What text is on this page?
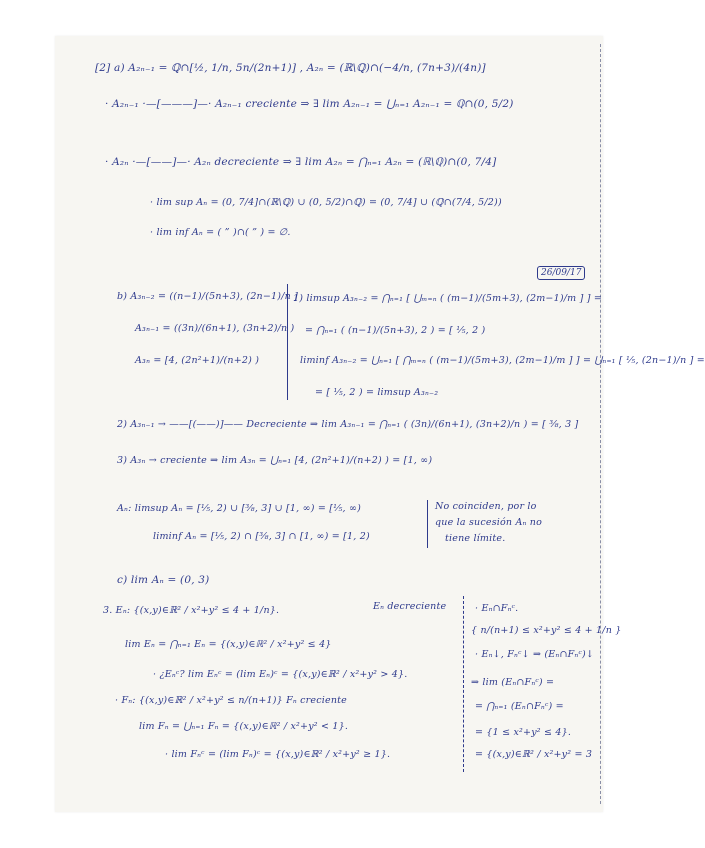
[2] a) A₂ₙ₋₁ = ℚ∩[½, 1/n, 5n/(2n+1)] , A₂ₙ = (ℝ\ℚ)∩(−4/n, (7n+3)/(4n)]
· A₂ₙ₋₁ ·—[———]—· A₂ₙ₋₁ creciente ⇒ ∃ lim A₂ₙ₋₁ = ⋃ₙ₌₁ A₂ₙ₋₁ = ℚ∩(0, 5/2)
· A₂ₙ ·—[——]—· A₂ₙ decreciente ⇒ ∃ lim A₂ₙ = ⋂ₙ₌₁ A₂ₙ = (ℝ\ℚ)∩(0, 7/4]
· lim sup Aₙ = (0, 7/4]∩(ℝ\ℚ) ∪ (0, 5/2)∩ℚ) = (0, 7/4] ∪ (ℚ∩(7/4, 5/2))
· lim inf Aₙ = ( ” )∩( ” ) = ∅.
26/09/17
b) A₃ₙ₋₂ = ((n−1)/(5n+3), (2n−1)/n ]
A₃ₙ₋₁ = ((3n)/(6n+1), (3n+2)/n )
A₃ₙ = [4, (2n²+1)/(n+2) )
1) limsup A₃ₙ₋₂ = ⋂ₙ₌₁ [ ⋃ₘ₌ₙ ( (m−1)/(5m+3), (2m−1)/m ] ] =
= ⋂ₙ₌₁ ( (n−1)/(5n+3), 2 ) = [ ⅕, 2 )
liminf A₃ₙ₋₂ = ⋃ₙ₌₁ [ ⋂ₘ₌ₙ ( (m−1)/(5m+3), (2m−1)/m ] ] = ⋃ₙ₌₁ [ ⅕, (2n−1)/n ] =
= [ ⅕, 2 ) = limsup A₃ₙ₋₂
2) A₃ₙ₋₁ → ——[(——)]—— Decreciente ⇒ lim A₃ₙ₋₁ = ⋂ₙ₌₁ ( (3n)/(6n+1), (3n+2)/n ) = [ ⅜, 3 ]
3) A₃ₙ → creciente ⇒ lim A₃ₙ = ⋃ₙ₌₁ [4, (2n²+1)/(n+2) ) = [1, ∞)
Aₙ: limsup Aₙ = [⅕, 2) ∪ [⅜, 3] ∪ [1, ∞) = [⅕, ∞)
liminf Aₙ = [⅕, 2) ∩ [⅜, 3] ∩ [1, ∞) = [1, 2)
No coinciden, por lo
que la sucesión Aₙ no
tiene límite.
c) lim Aₙ = (0, 3)
3. Eₙ: {(x,y)∈ℝ² / x²+y² ≤ 4 + 1/n}.	Eₙ decreciente
lim Eₙ = ⋂ₙ₌₁ Eₙ = {(x,y)∈ℝ² / x²+y² ≤ 4}
· ¿Eₙᶜ? lim Eₙᶜ = (lim Eₙ)ᶜ = {(x,y)∈ℝ² / x²+y² > 4}.
· Fₙ: {(x,y)∈ℝ² / x²+y² ≤ n/(n+1)} Fₙ creciente
lim Fₙ = ⋃ₙ₌₁ Fₙ = {(x,y)∈ℝ² / x²+y² < 1}.
· lim Fₙᶜ = (lim Fₙ)ᶜ = {(x,y)∈ℝ² / x²+y² ≥ 1}.
· Eₙ∩Fₙᶜ.
{ n/(n+1) ≤ x²+y² ≤ 4 + 1/n }
· Eₙ↓, Fₙᶜ↓ ⇒ (Eₙ∩Fₙᶜ)↓
⇒ lim (Eₙ∩Fₙᶜ) =
= ⋂ₙ₌₁ (Eₙ∩Fₙᶜ) =
= {1 ≤ x²+y² ≤ 4}.
= {(x,y)∈ℝ² / x²+y² = 3
